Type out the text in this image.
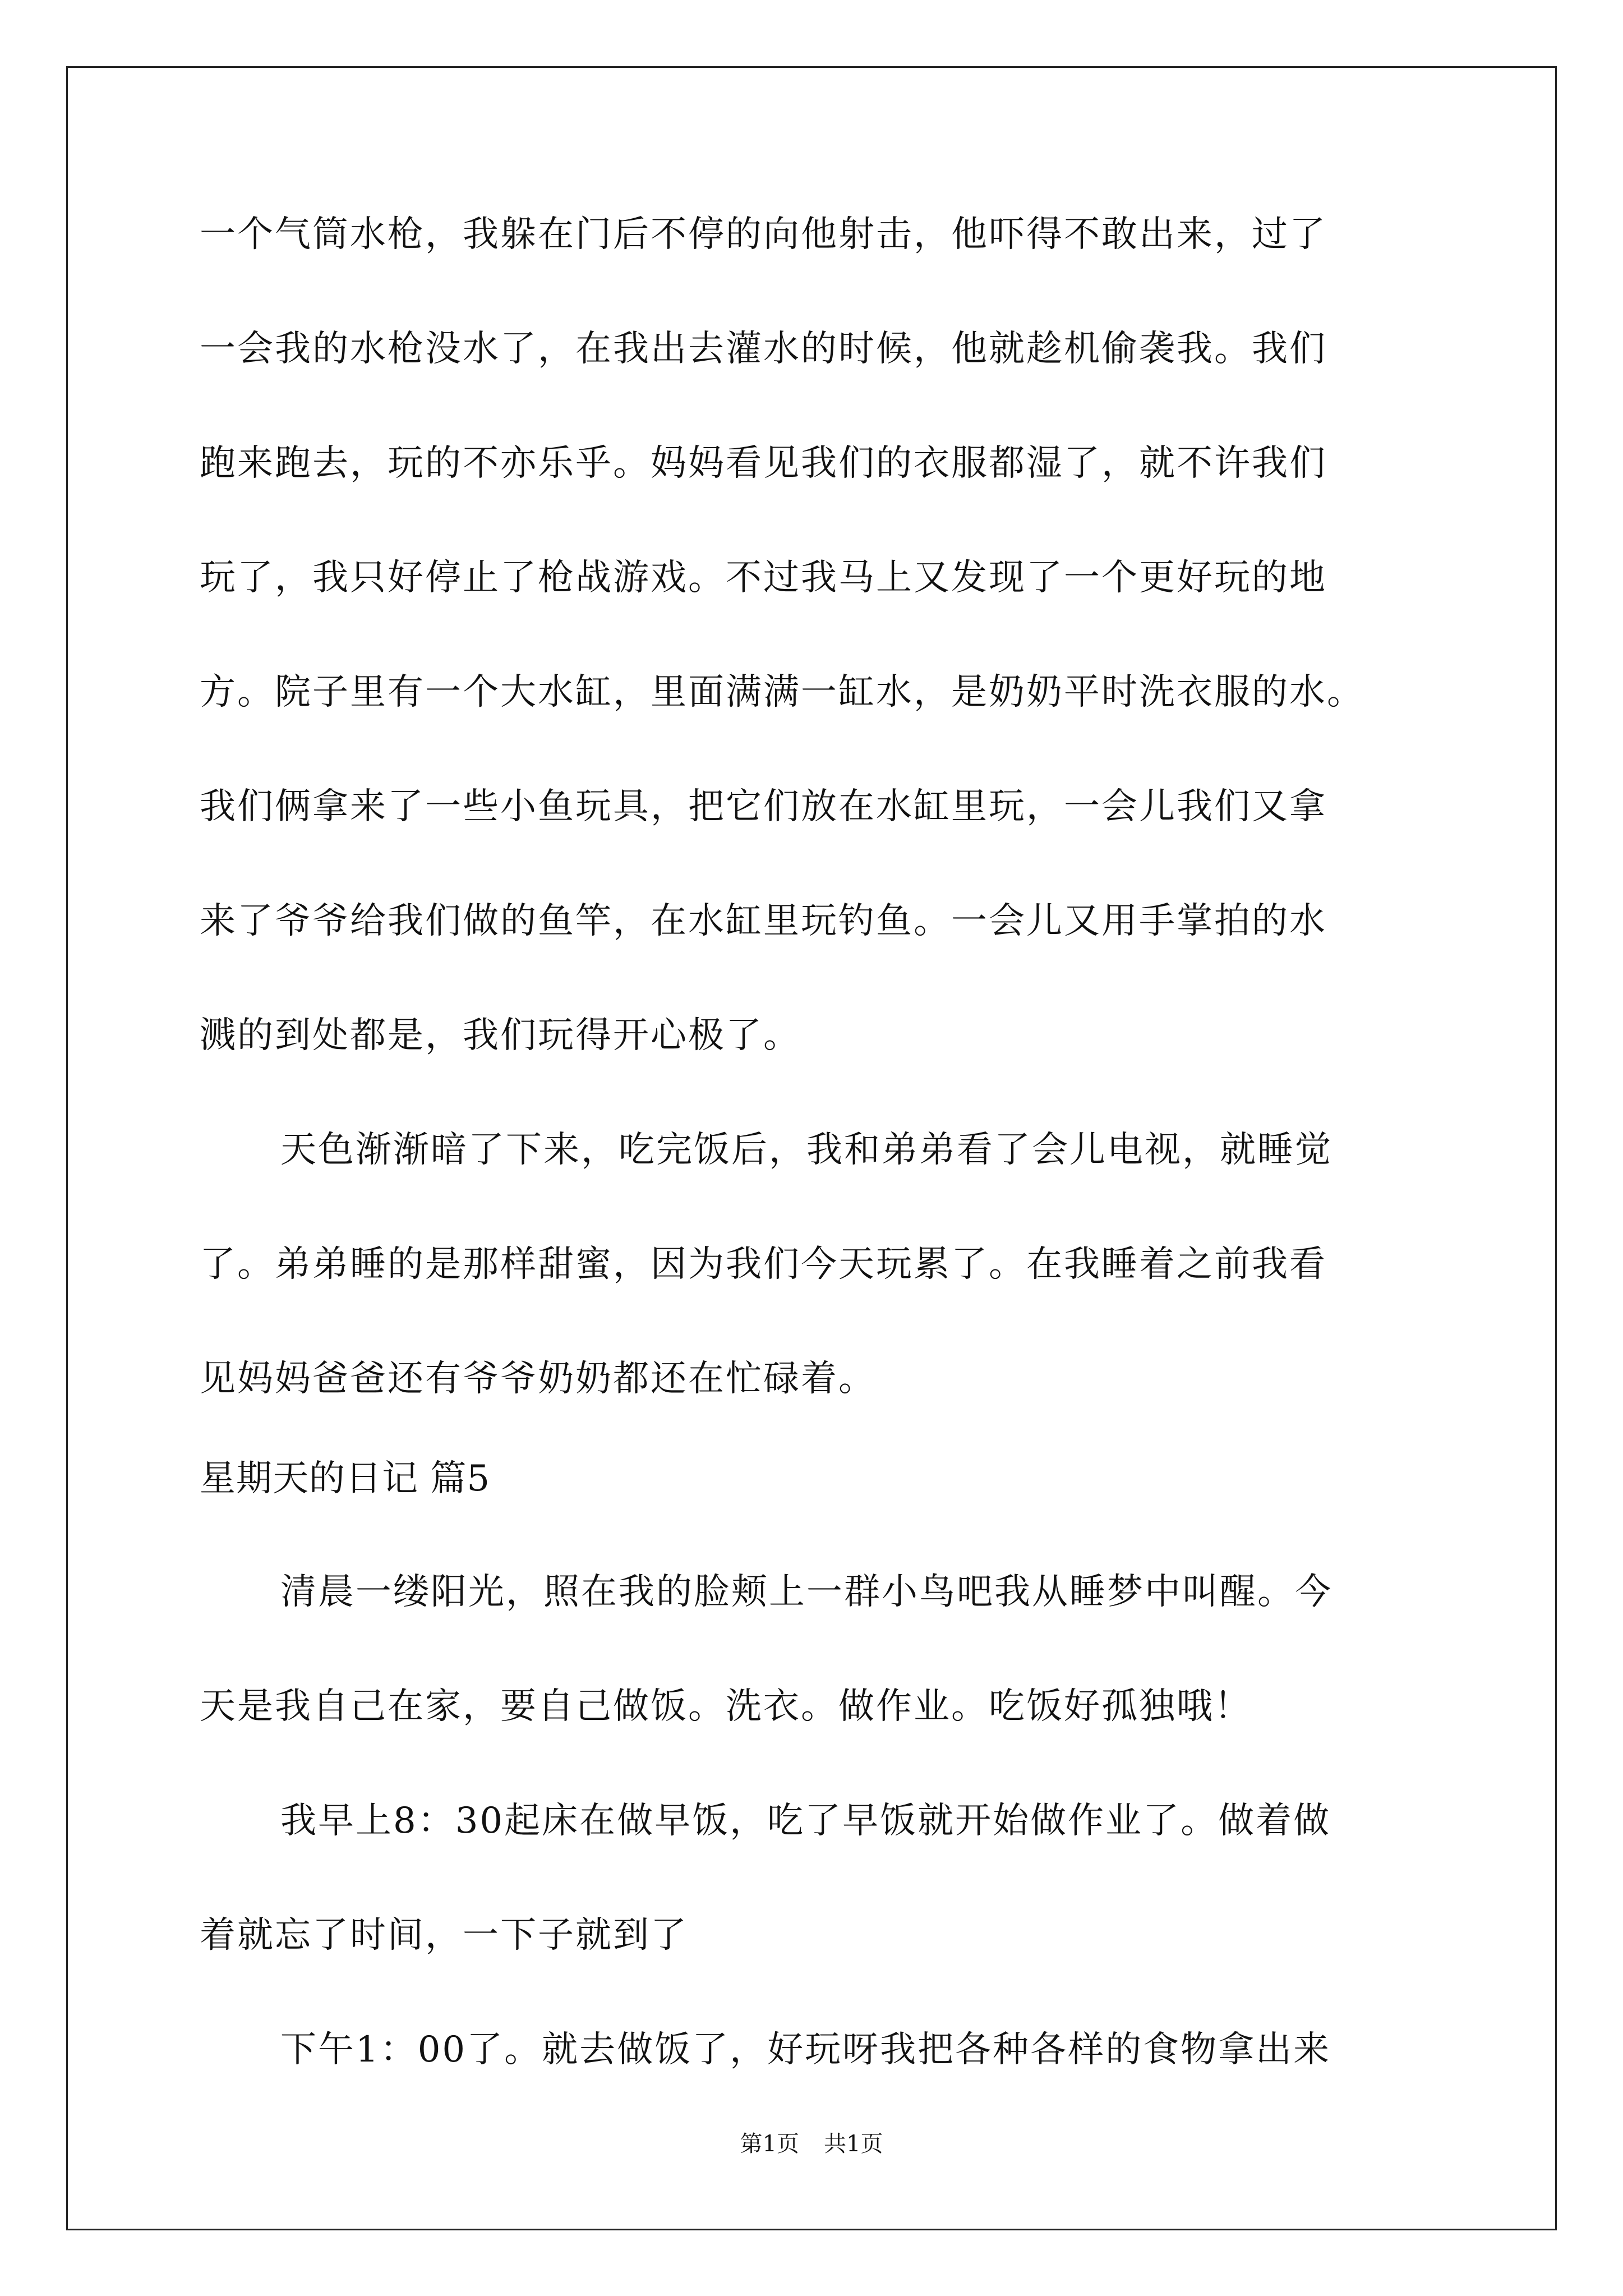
一个气筒水枪，我躲在门后不停的向他射击，他吓得不敢出来，过了
一会我的水枪没水了，在我出去灌水的时候，他就趁机偷袭我。我们
跑来跑去，玩的不亦乐乎。妈妈看见我们的衣服都湿了，就不许我们
玩了，我只好停止了枪战游戏。不过我马上又发现了一个更好玩的地
方。院子里有一个大水缸，里面满满一缸水，是奶奶平时洗衣服的水。
我们俩拿来了一些小鱼玩具，把它们放在水缸里玩，一会儿我们又拿
来了爷爷给我们做的鱼竿，在水缸里玩钓鱼。一会儿又用手掌拍的水
溅的到处都是，我们玩得开心极了。
天色渐渐暗了下来，吃完饭后，我和弟弟看了会儿电视，就睡觉
了。弟弟睡的是那样甜蜜，因为我们今天玩累了。在我睡着之前我看
见妈妈爸爸还有爷爷奶奶都还在忙碌着。
星期天的日记 篇5
清晨一缕阳光，照在我的脸颊上一群小鸟吧我从睡梦中叫醒。今
天是我自己在家，要自己做饭。洗衣。做作业。吃饭好孤独哦！
我早上8：30起床在做早饭，吃了早饭就开始做作业了。做着做
着就忘了时间，一下子就到了
下午1：00了。就去做饭了，好玩呀我把各种各样的食物拿出来
第1页 共1页
